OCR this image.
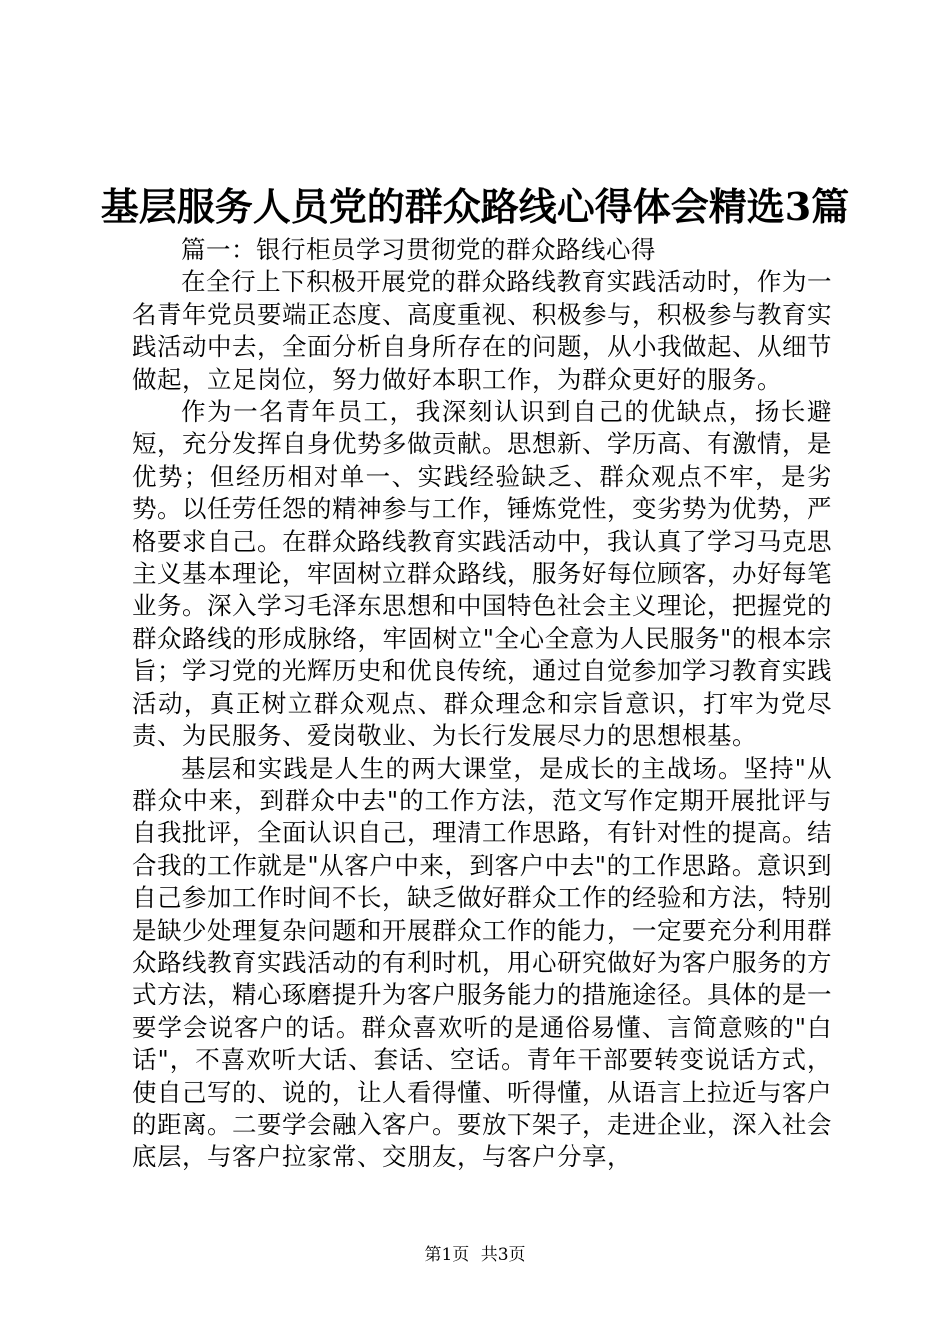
基层服务人员党的群众路线心得体会精选3篇

篇一：银行柜员学习贯彻党的群众路线心得

在全行上下积极开展党的群众路线教育实践活动时，作为一名青年党员要端正态度、高度重视、积极参与，积极参与教育实践活动中去，全面分析自身所存在的问题，从小我做起、从细节做起，立足岗位，努力做好本职工作，为群众更好的服务。

作为一名青年员工，我深刻认识到自己的优缺点，扬长避短，充分发挥自身优势多做贡献。思想新、学历高、有激情，是优势；但经历相对单一、实践经验缺乏、群众观点不牢，是劣势。以任劳任怨的精神参与工作，锤炼党性，变劣势为优势，严格要求自己。在群众路线教育实践活动中，我认真了学习马克思主义基本理论，牢固树立群众路线，服务好每位顾客，办好每笔业务。深入学习毛泽东思想和中国特色社会主义理论，把握党的群众路线的形成脉络，牢固树立"全心全意为人民服务"的根本宗旨；学习党的光辉历史和优良传统，通过自觉参加学习教育实践活动，真正树立群众观点、群众理念和宗旨意识，打牢为党尽责、为民服务、爱岗敬业、为长行发展尽力的思想根基。

基层和实践是人生的两大课堂，是成长的主战场。坚持"从群众中来，到群众中去"的工作方法，范文写作定期开展批评与自我批评，全面认识自己，理清工作思路，有针对性的提高。结合我的工作就是"从客户中来，到客户中去"的工作思路。意识到自己参加工作时间不长，缺乏做好群众工作的经验和方法，特别是缺少处理复杂问题和开展群众工作的能力，一定要充分利用群众路线教育实践活动的有利时机，用心研究做好为客户服务的方式方法，精心琢磨提升为客户服务能力的措施途径。具体的是一要学会说客户的话。群众喜欢听的是通俗易懂、言简意赅的"白话"，不喜欢听大话、套话、空话。青年干部要转变说话方式，使自己写的、说的，让人看得懂、听得懂，从语言上拉近与客户的距离。二要学会融入客户。要放下架子，走进企业，深入社会底层，与客户拉家常、交朋友，与客户分享，

第1页 共3页
